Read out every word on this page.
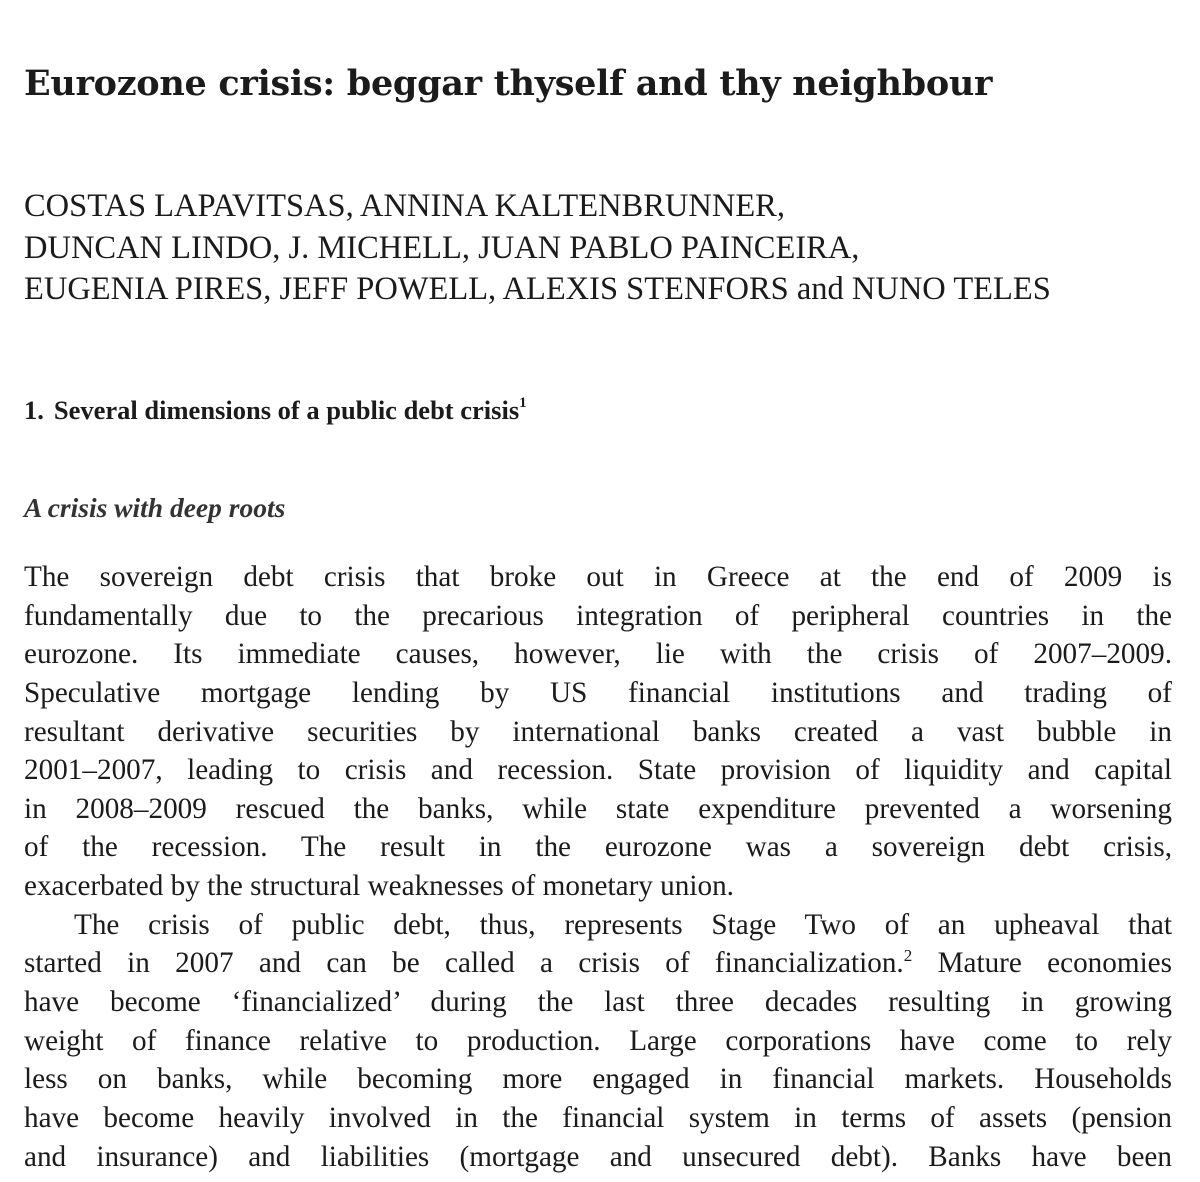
Eurozone crisis: beggar thyself and thy neighbour
COSTAS LAPAVITSAS, ANNINA KALTENBRUNNER,
DUNCAN LINDO, J. MICHELL, JUAN PABLO PAINCEIRA,
EUGENIA PIRES, JEFF POWELL, ALEXIS STENFORS and NUNO TELES
1. Several dimensions of a public debt crisis$^1$
A crisis with deep roots
The sovereign debt crisis that broke out in Greece at the end of 2009 is
fundamentally due to the precarious integration of peripheral countries in the
eurozone. Its immediate causes, however, lie with the crisis of 2007–2009.
Speculative mortgage lending by US financial institutions and trading of
resultant derivative securities by international banks created a vast bubble in
2001–2007, leading to crisis and recession. State provision of liquidity and capital
in 2008–2009 rescued the banks, while state expenditure prevented a worsening
of the recession. The result in the eurozone was a sovereign debt crisis,
exacerbated by the structural weaknesses of monetary union.
The crisis of public debt, thus, represents Stage Two of an upheaval that
started in 2007 and can be called a crisis of financialization.$^2$ Mature economies
have become ‘financialized’ during the last three decades resulting in growing
weight of finance relative to production. Large corporations have come to rely
less on banks, while becoming more engaged in financial markets. Households
have become heavily involved in the financial system in terms of assets (pension
and insurance) and liabilities (mortgage and unsecured debt). Banks have been
